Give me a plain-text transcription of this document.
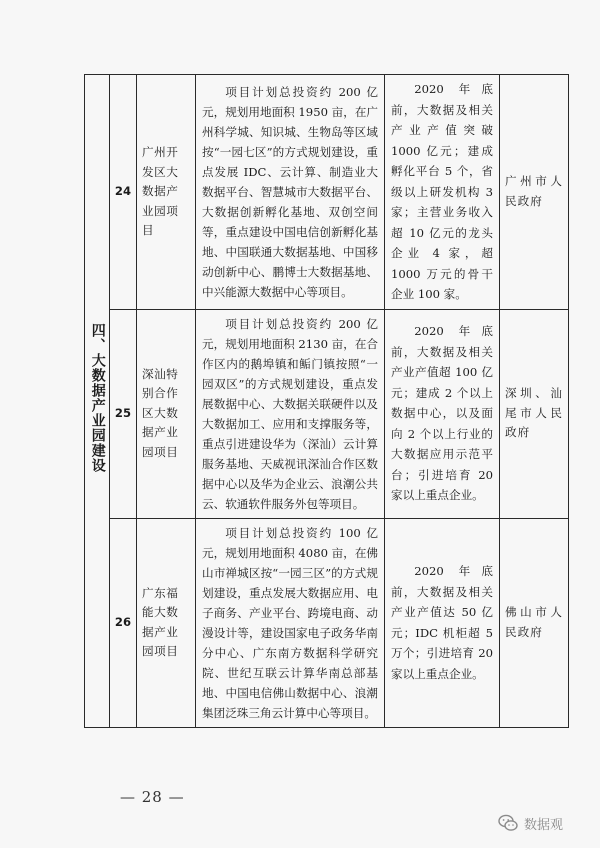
四、大数据产业园建设	24	广州开发区大数据产业园项目	项目计划总投资约 200 亿元，规划用地面积 1950 亩，在广州科学城、知识城、生物岛等区域按“一园七区”的方式规划建设，重点发展 IDC、云计算、制造业大数据平台、智慧城市大数据平台、大数据创新孵化基地、双创空间等，重点建设中国电信创新孵化基地、中国联通大数据基地、中国移动创新中心、鹏博士大数据基地、中兴能源大数据中心等项目。	2020 年底前，大数据及相关产业产值突破 1000 亿元；建成孵化平台 5 个，省级以上研发机构 3 家；主营业务收入超 10 亿元的龙头企业 4 家，超 1000 万元的骨干企业 100 家。	广州市人民政府
	25	深汕特别合作区大数据产业园项目	项目计划总投资约 200 亿元，规划用地面积 2130 亩，在合作区内的鹅埠镇和鲘门镇按照“一园双区”的方式规划建设，重点发展数据中心、大数据关联硬件以及大数据加工、应用和支撑服务等，重点引进建设华为（深汕）云计算服务基地、天威视讯深汕合作区数据中心以及华为企业云、浪潮公共云、软通软件服务外包等项目。	2020 年底前，大数据及相关产业产值超 100 亿元；建成 2 个以上数据中心，以及面向 2 个以上行业的大数据应用示范平台；引进培育 20 家以上重点企业。	深圳、汕尾市人民政府
	26	广东福能大数据产业园项目	项目计划总投资约 100 亿元，规划用地面积 4080 亩，在佛山市禅城区按“一园三区”的方式规划建设，重点发展大数据应用、电子商务、产业平台、跨境电商、动漫设计等，建设国家电子政务华南分中心、广东南方数据科学研究院、世纪互联云计算华南总部基地、中国电信佛山数据中心、浪潮集团泛珠三角云计算中心等项目。	2020 年底前，大数据及相关产业产值达 50 亿元；IDC 机柜超 5 万个；引进培育 20 家以上重点企业。	佛山市人民政府
— 28 —
数据观
